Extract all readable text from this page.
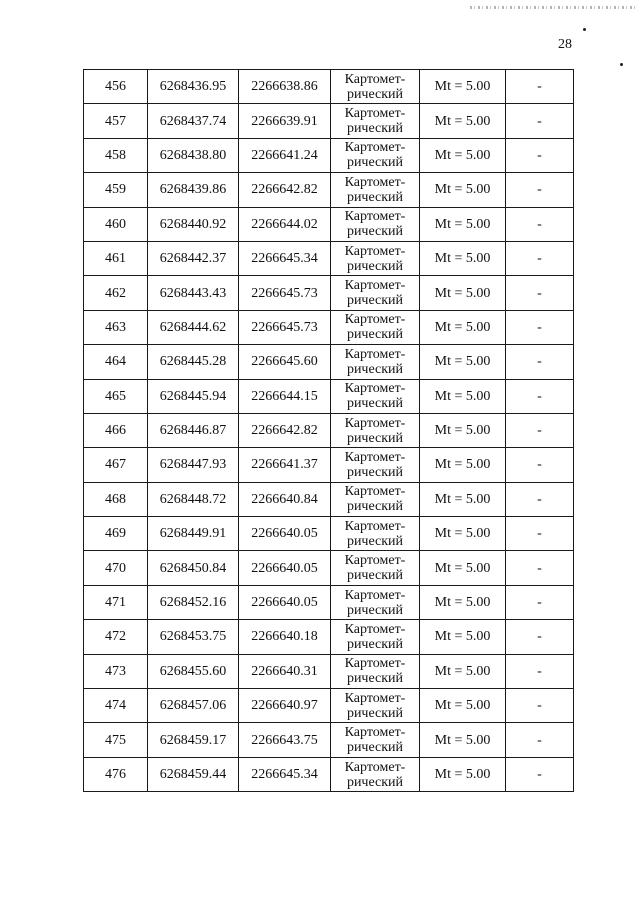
28
456	6268436.95	2266638.86	Картомет-
рический	Mt = 5.00	-
457	6268437.74	2266639.91	Картомет-
рический	Mt = 5.00	-
458	6268438.80	2266641.24	Картомет-
рический	Mt = 5.00	-
459	6268439.86	2266642.82	Картомет-
рический	Mt = 5.00	-
460	6268440.92	2266644.02	Картомет-
рический	Mt = 5.00	-
461	6268442.37	2266645.34	Картомет-
рический	Mt = 5.00	-
462	6268443.43	2266645.73	Картомет-
рический	Mt = 5.00	-
463	6268444.62	2266645.73	Картомет-
рический	Mt = 5.00	-
464	6268445.28	2266645.60	Картомет-
рический	Mt = 5.00	-
465	6268445.94	2266644.15	Картомет-
рический	Mt = 5.00	-
466	6268446.87	2266642.82	Картомет-
рический	Mt = 5.00	-
467	6268447.93	2266641.37	Картомет-
рический	Mt = 5.00	-
468	6268448.72	2266640.84	Картомет-
рический	Mt = 5.00	-
469	6268449.91	2266640.05	Картомет-
рический	Mt = 5.00	-
470	6268450.84	2266640.05	Картомет-
рический	Mt = 5.00	-
471	6268452.16	2266640.05	Картомет-
рический	Mt = 5.00	-
472	6268453.75	2266640.18	Картомет-
рический	Mt = 5.00	-
473	6268455.60	2266640.31	Картомет-
рический	Mt = 5.00	-
474	6268457.06	2266640.97	Картомет-
рический	Mt = 5.00	-
475	6268459.17	2266643.75	Картомет-
рический	Mt = 5.00	-
476	6268459.44	2266645.34	Картомет-
рический	Mt = 5.00	-
